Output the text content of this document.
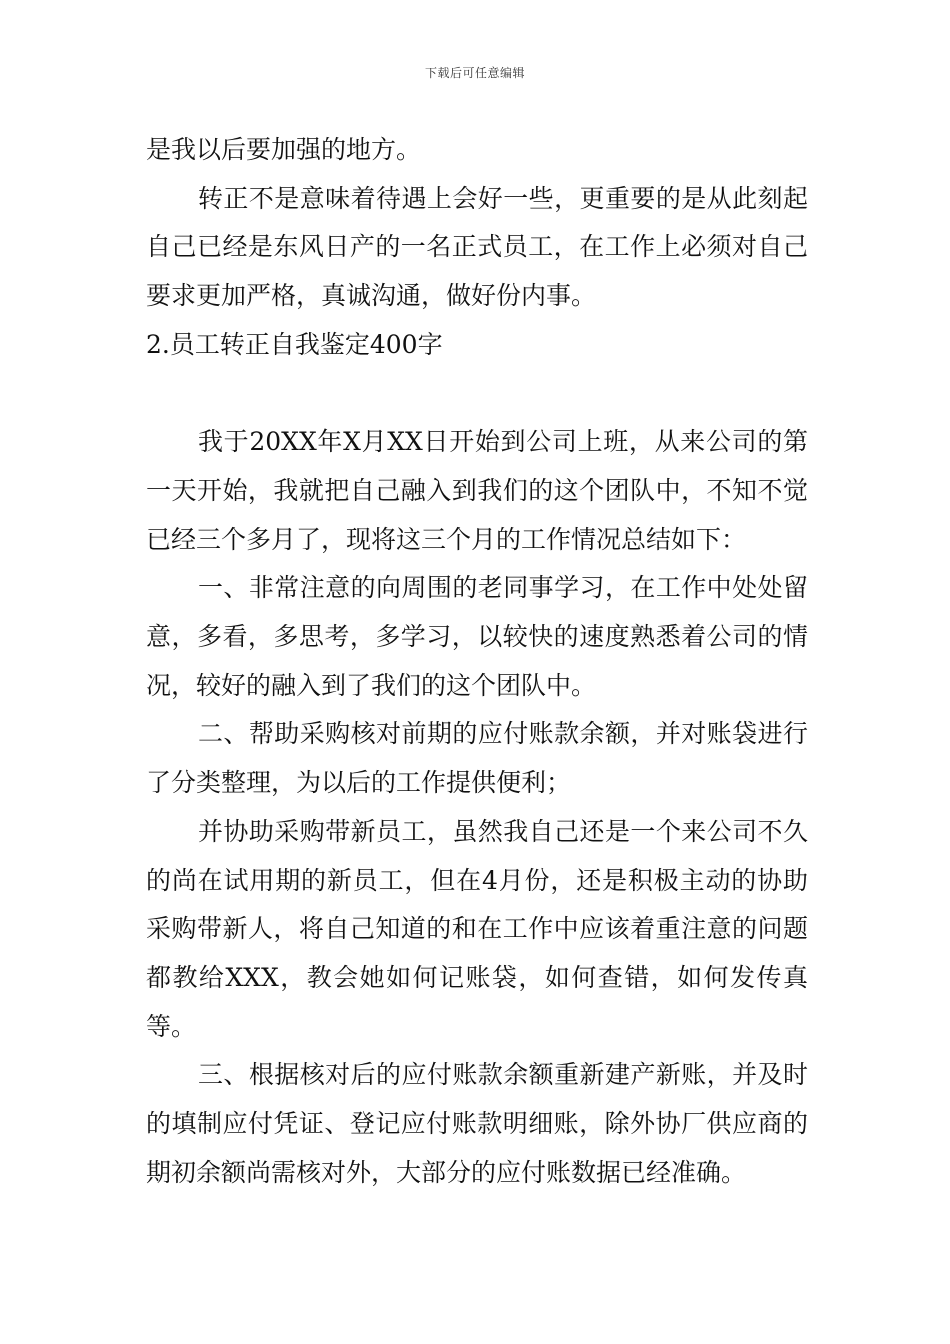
下载后可任意编辑

是我以后要加强的地方。

转正不是意味着待遇上会好一些，更重要的是从此刻起自己已经是东风日产的一名正式员工，在工作上必须对自己要求更加严格，真诚沟通，做好份内事。

2.员工转正自我鉴定400字

我于20XX年X月XX日开始到公司上班，从来公司的第一天开始，我就把自己融入到我们的这个团队中，不知不觉已经三个多月了，现将这三个月的工作情况总结如下：

一、非常注意的向周围的老同事学习，在工作中处处留意，多看，多思考，多学习，以较快的速度熟悉着公司的情况，较好的融入到了我们的这个团队中。

二、帮助采购核对前期的应付账款余额，并对账袋进行了分类整理，为以后的工作提供便利；

并协助采购带新员工，虽然我自己还是一个来公司不久的尚在试用期的新员工，但在4月份，还是积极主动的协助采购带新人，将自己知道的和在工作中应该着重注意的问题都教给XXX，教会她如何记账袋，如何查错，如何发传真等。

三、根据核对后的应付账款余额重新建产新账，并及时的填制应付凭证、登记应付账款明细账，除外协厂供应商的期初余额尚需核对外，大部分的应付账数据已经准确。
